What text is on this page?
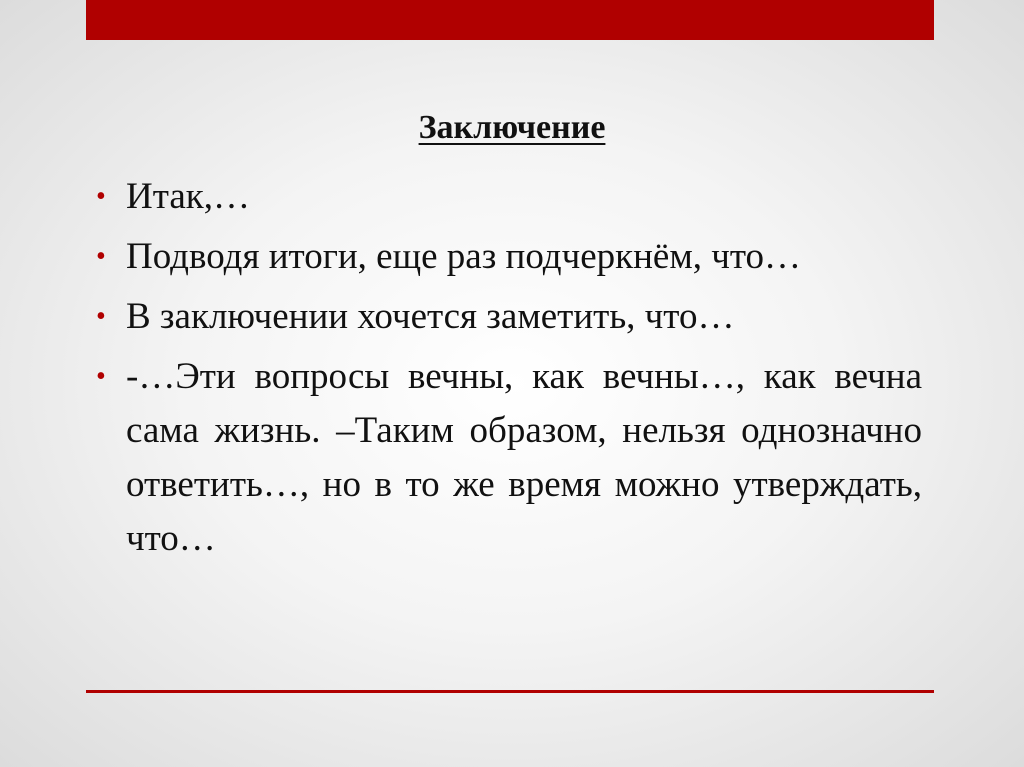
Заключение
• Итак,…
• Подводя итоги, еще раз подчеркнём, что…
• В заключении хочется заметить, что…
• -…Эти вопросы вечны, как вечны…, как вечна сама жизнь. –Таким образом, нельзя однозначно ответить…, но в то же время можно утверждать, что…
